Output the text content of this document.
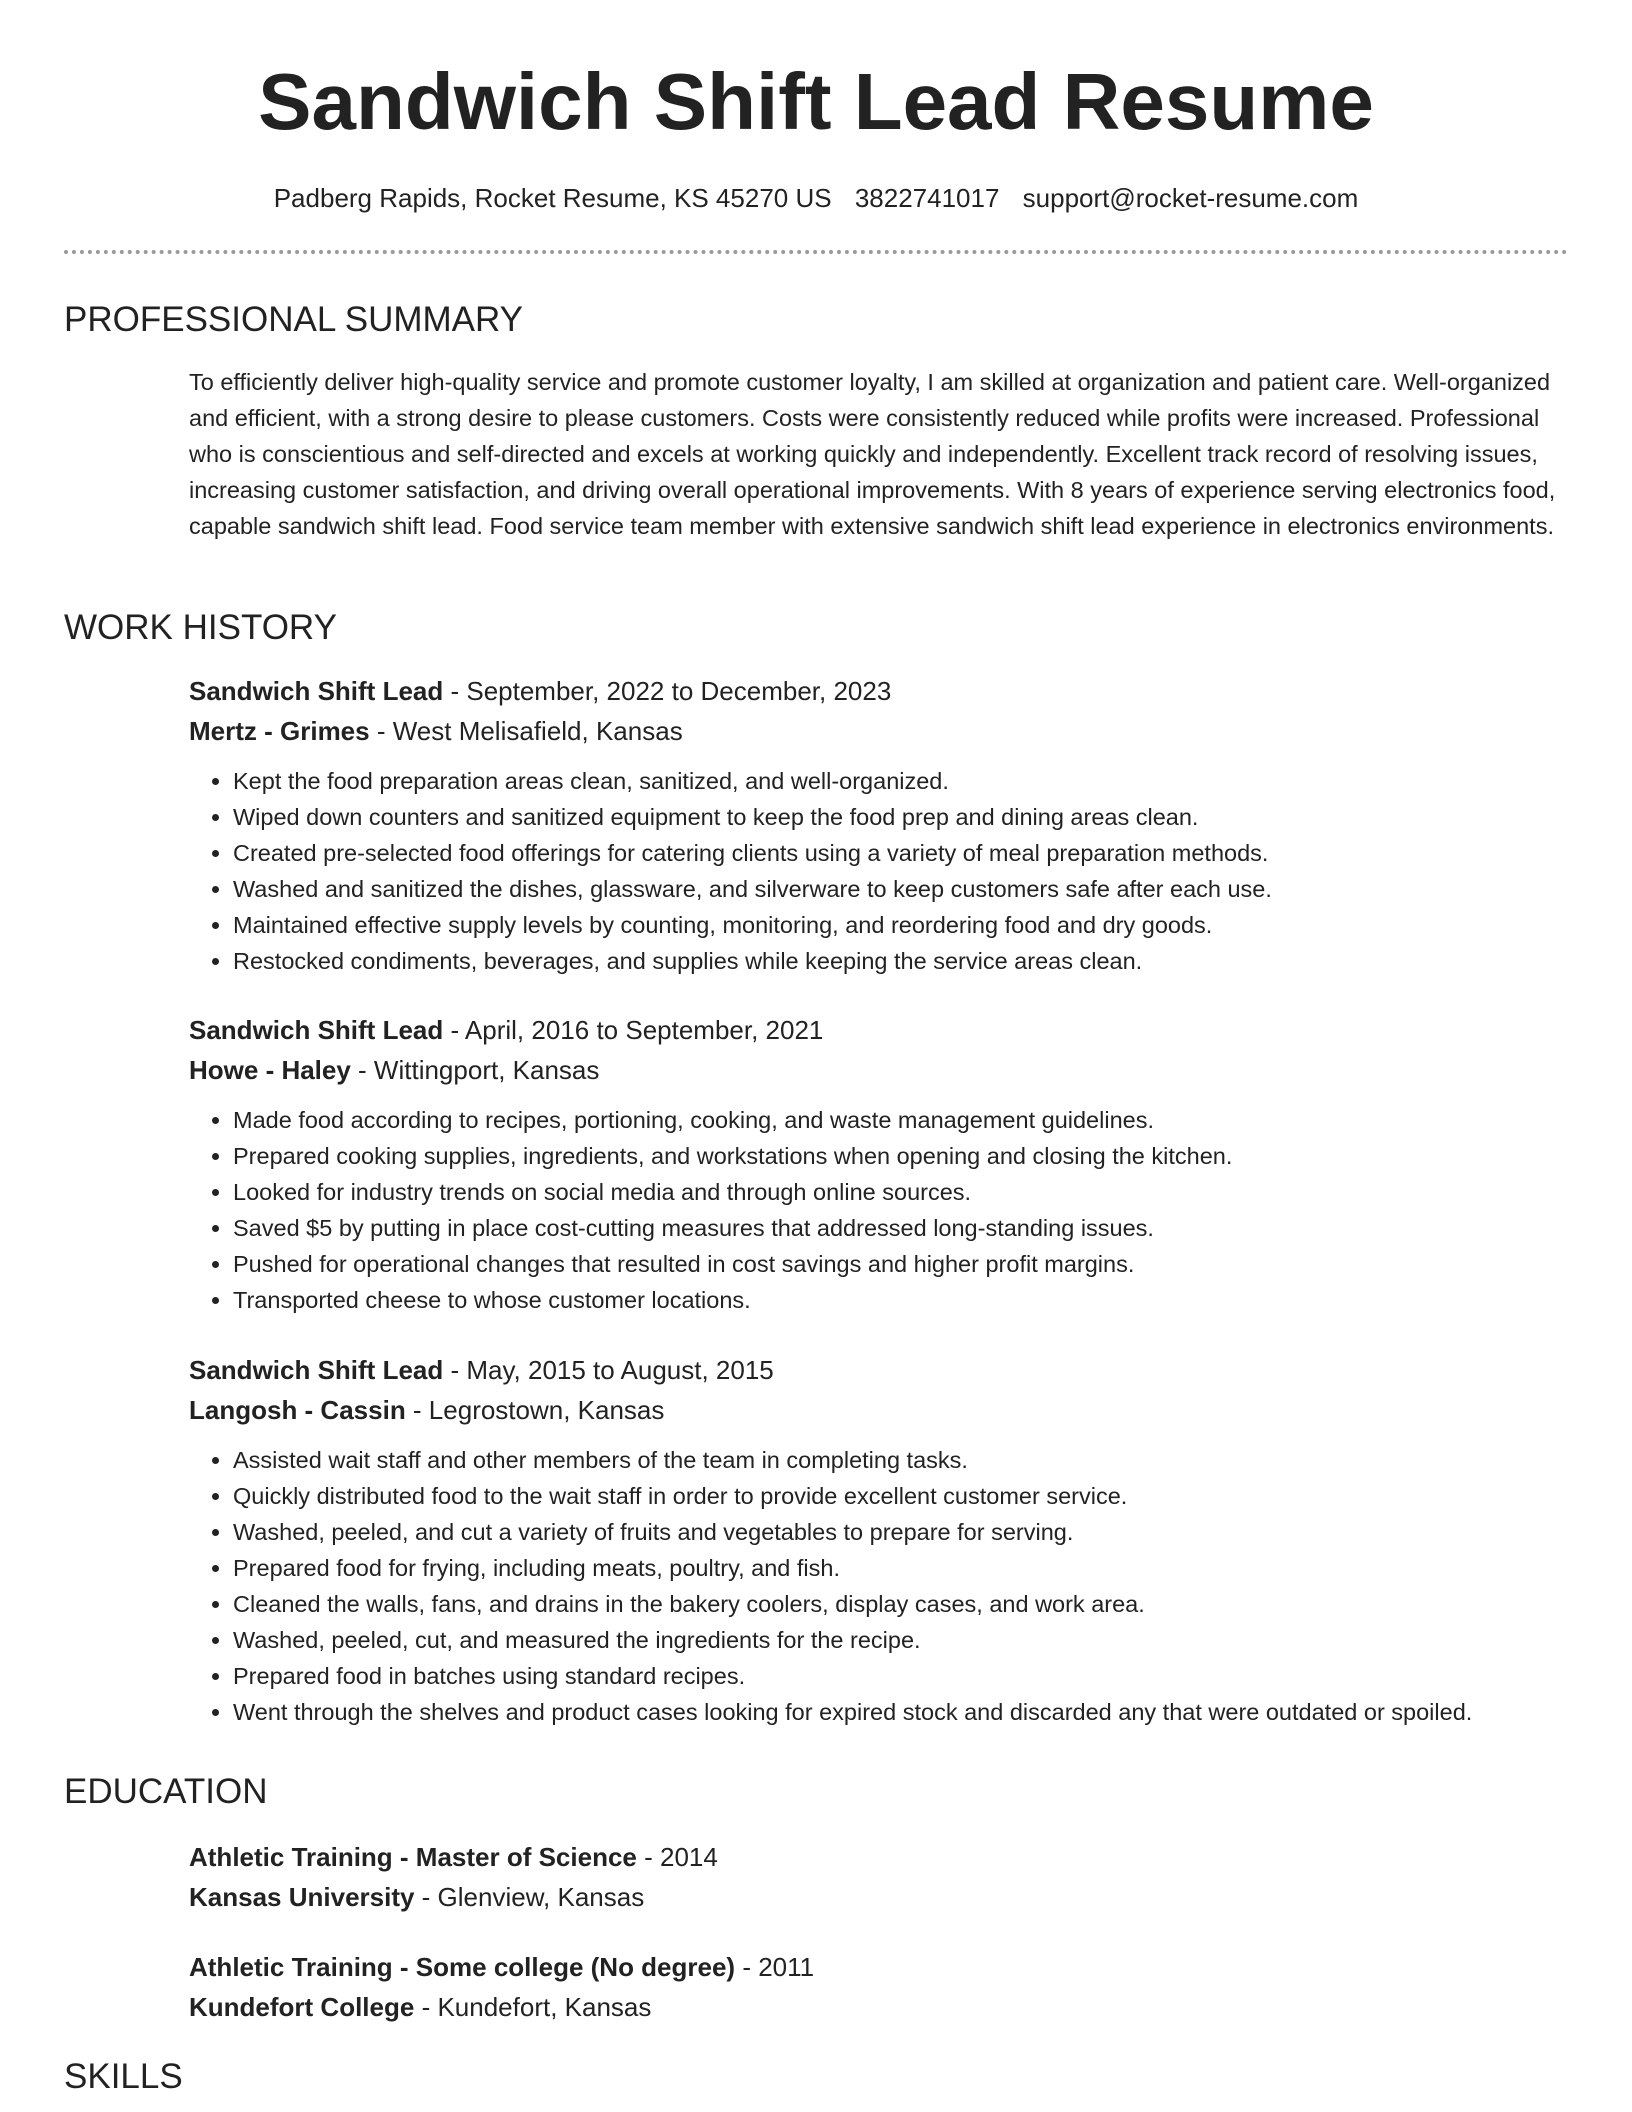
Sandwich Shift Lead Resume
Padberg Rapids, Rocket Resume, KS 45270 US 3822741017 support@rocket-resume.com
PROFESSIONAL SUMMARY

To efficiently deliver high-quality service and promote customer loyalty, I am skilled at organization and patient care. Well-organized and efficient, with a strong desire to please customers. Costs were consistently reduced while profits were increased. Professional who is conscientious and self-directed and excels at working quickly and independently. Excellent track record of resolving issues, increasing customer satisfaction, and driving overall operational improvements. With 8 years of experience serving electronics food, capable sandwich shift lead. Food service team member with extensive sandwich shift lead experience in electronics environments.

WORK HISTORY

Sandwich Shift Lead - September, 2022 to December, 2023

Mertz - Grimes - West Melisafield, Kansas

• Kept the food preparation areas clean, sanitized, and well-organized.
• Wiped down counters and sanitized equipment to keep the food prep and dining areas clean.
• Created pre-selected food offerings for catering clients using a variety of meal preparation methods.
• Washed and sanitized the dishes, glassware, and silverware to keep customers safe after each use.
• Maintained effective supply levels by counting, monitoring, and reordering food and dry goods.
• Restocked condiments, beverages, and supplies while keeping the service areas clean.

Sandwich Shift Lead - April, 2016 to September, 2021

Howe - Haley - Wittingport, Kansas

• Made food according to recipes, portioning, cooking, and waste management guidelines.
• Prepared cooking supplies, ingredients, and workstations when opening and closing the kitchen.
• Looked for industry trends on social media and through online sources.
• Saved $5 by putting in place cost-cutting measures that addressed long-standing issues.
• Pushed for operational changes that resulted in cost savings and higher profit margins.
• Transported cheese to whose customer locations.

Sandwich Shift Lead - May, 2015 to August, 2015

Langosh - Cassin - Legrostown, Kansas

• Assisted wait staff and other members of the team in completing tasks.
• Quickly distributed food to the wait staff in order to provide excellent customer service.
• Washed, peeled, and cut a variety of fruits and vegetables to prepare for serving.
• Prepared food for frying, including meats, poultry, and fish.
• Cleaned the walls, fans, and drains in the bakery coolers, display cases, and work area.
• Washed, peeled, cut, and measured the ingredients for the recipe.
• Prepared food in batches using standard recipes.
• Went through the shelves and product cases looking for expired stock and discarded any that were outdated or spoiled.
EDUCATION

Athletic Training - Master of Science - 2014

Kansas University - Glenview, Kansas

Athletic Training - Some college (No degree) - 2011

Kundefort College - Kundefort, Kansas

SKILLS
